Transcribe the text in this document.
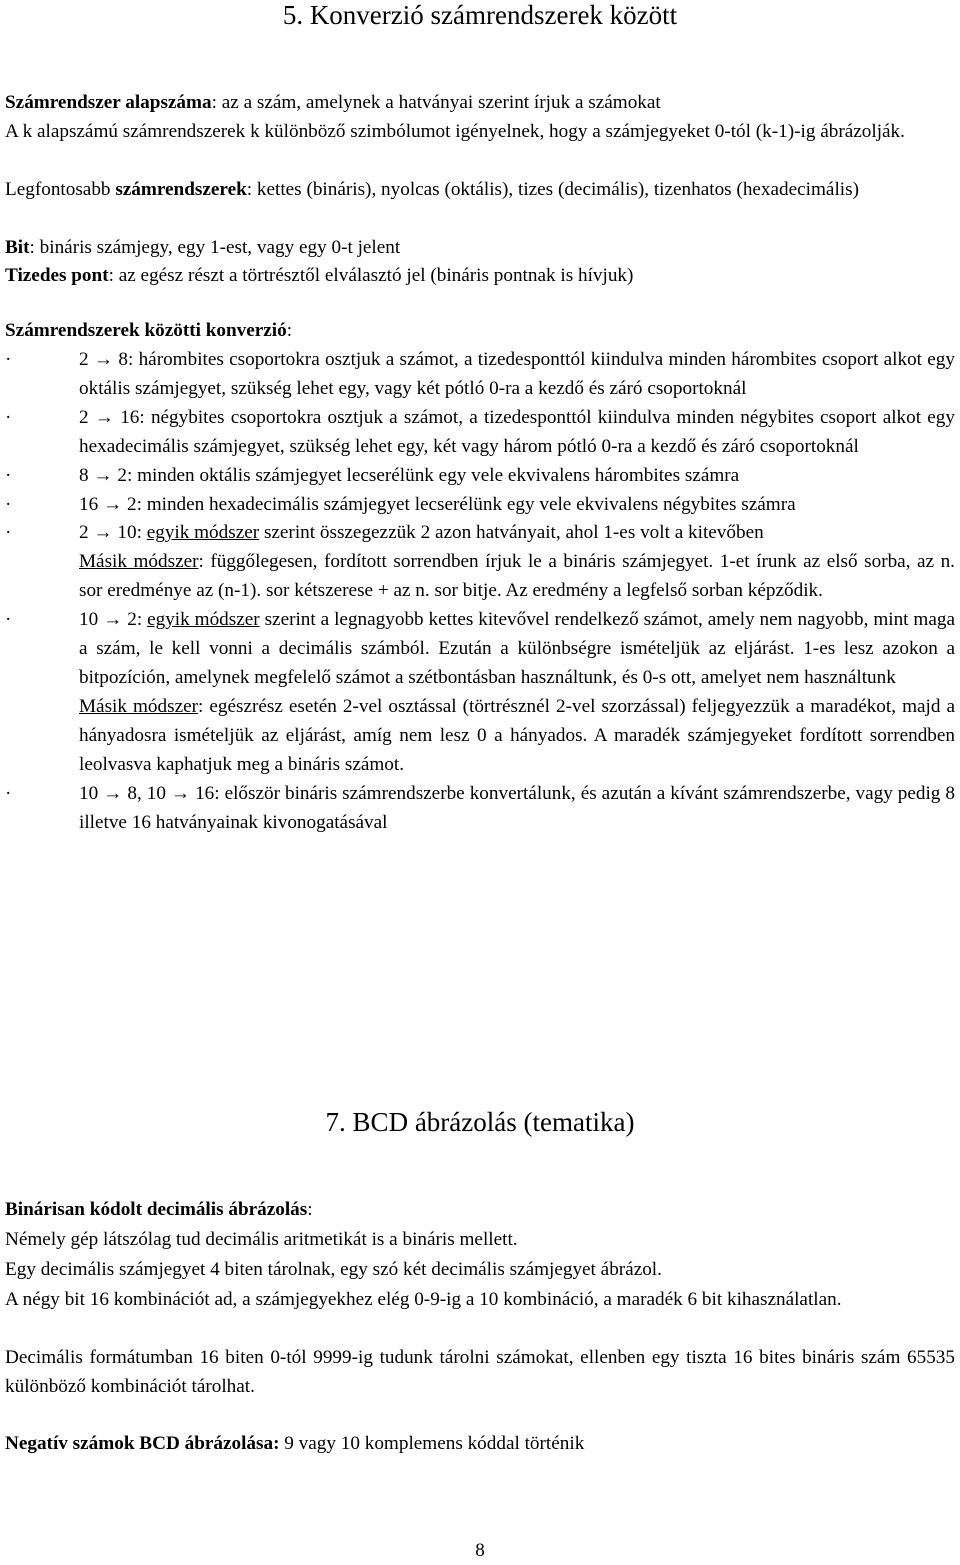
5. Konverzió számrendszerek között

Számrendszer alapszáma: az a szám, amelynek a hatványai szerint írjuk a számokat

A k alapszámú számrendszerek k különböző szimbólumot igényelnek, hogy a számjegyeket 0-tól (k-1)-ig ábrázolják.

Legfontosabb számrendszerek: kettes (bináris), nyolcas (oktális), tizes (decimális), tizenhatos (hexadecimális)

Bit: bináris számjegy, egy 1-est, vagy egy 0-t jelent

Tizedes pont: az egész részt a törtrésztől elválasztó jel (bináris pontnak is hívjuk)

Számrendszerek közötti konverzió:

·	2 → 8: hárombites csoportokra osztjuk a számot, a tizedesponttól kiindulva minden hárombites csoport alkot egy oktális számjegyet, szükség lehet egy, vagy két pótló 0-ra a kezdő és záró csoportoknál
·	2 → 16: négybites csoportokra osztjuk a számot, a tizedesponttól kiindulva minden négybites csoport alkot egy hexadecimális számjegyet, szükség lehet egy, két vagy három pótló 0-ra a kezdő és záró csoportoknál
·	8 → 2: minden oktális számjegyet lecserélünk egy vele ekvivalens hárombites számra
·	16 → 2: minden hexadecimális számjegyet lecserélünk egy vele ekvivalens négybites számra
·	2 → 10: egyik módszer szerint összegezzük 2 azon hatványait, ahol 1-es volt a kitevőben
Másik módszer: függőlegesen, fordított sorrendben írjuk le a bináris számjegyet. 1-et írunk az első sorba, az n. sor eredménye az (n-1). sor kétszerese + az n. sor bitje. Az eredmény a legfelső sorban képződik.
·	10 → 2: egyik módszer szerint a legnagyobb kettes kitevővel rendelkező számot, amely nem nagyobb, mint maga a szám, le kell vonni a decimális számból. Ezután a különbségre ismételjük az eljárást. 1-es lesz azokon a bitpozíción, amelynek megfelelő számot a szétbontásban használtunk, és 0-s ott, amelyet nem használtunk
Másik módszer: egészrész esetén 2-vel osztással (törtrésznél 2-vel szorzással) feljegyezzük a maradékot, majd a hányadosra ismételjük az eljárást, amíg nem lesz 0 a hányados. A maradék számjegyeket fordított sorrendben leolvasva kaphatjuk meg a bináris számot.
·	10 → 8, 10 → 16: először bináris számrendszerbe konvertálunk, és azután a kívánt számrendszerbe, vagy pedig 8 illetve 16 hatványainak kivonogatásával
7. BCD ábrázolás (tematika)

Binárisan kódolt decimális ábrázolás:

Némely gép látszólag tud decimális aritmetikát is a bináris mellett.

Egy decimális számjegyet 4 biten tárolnak, egy szó két decimális számjegyet ábrázol.

A négy bit 16 kombinációt ad, a számjegyekhez elég 0-9-ig a 10 kombináció, a maradék 6 bit kihasználatlan.

Decimális formátumban 16 biten 0-tól 9999-ig tudunk tárolni számokat, ellenben egy tiszta 16 bites bináris szám 65535 különböző kombinációt tárolhat.

Negatív számok BCD ábrázolása: 9 vagy 10 komplemens kóddal történik

8
